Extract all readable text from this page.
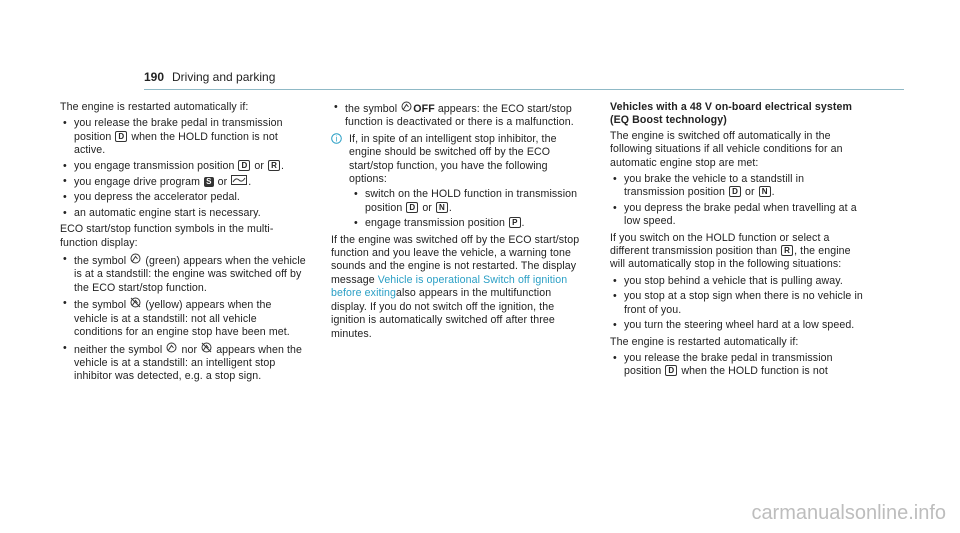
190 Driving and parking

The engine is restarted automatically if:

• you release the brake pedal in transmission position D when the HOLD function is not active.
• you engage transmission position D or R .
• you engage drive program S or .
• you depress the accelerator pedal.
• an automatic engine start is necessary.

ECO start/stop function symbols in the multi-function display:

• the symbol (green) appears when the vehicle is at a standstill: the engine was switched off by the ECO start/stop function.
• the symbol (yellow) appears when the vehicle is at a standstill: not all vehicle conditions for an engine stop have been met.
• neither the symbol nor appears when the vehicle is at a standstill: an intelligent stop inhibitor was detected, e.g. a stop sign.
• the symbol OFF appears: the ECO start/stop function is deactivated or there is a malfunction.
i If, in spite of an intelligent stop inhibitor, the engine should be switched off by the ECO start/stop function, you have the following options:
• switch on the HOLD function in transmission position D or N .
• engage transmission position P .

If the engine was switched off by the ECO start/stop function and you leave the vehicle, a warning tone sounds and the engine is not restarted. The display message Vehicle is operational Switch off ignition before exitingalso appears in the multifunction display. If you do not switch off the ignition, the ignition is automatically switched off after three minutes.

Vehicles with a 48 V on-board electrical system (EQ Boost technology)

The engine is switched off automatically in the following situations if all vehicle conditions for an automatic engine stop are met:

• you brake the vehicle to a standstill in transmission position D or N .
• you depress the brake pedal when travelling at a low speed.

If you switch on the HOLD function or select a different transmission position than R , the engine will automatically stop in the following situations:

• you stop behind a vehicle that is pulling away.
• you stop at a stop sign when there is no vehicle in front of you.
• you turn the steering wheel hard at a low speed.

The engine is restarted automatically if:

• you release the brake pedal in transmission position D when the HOLD function is not
carmanualsonline.info
